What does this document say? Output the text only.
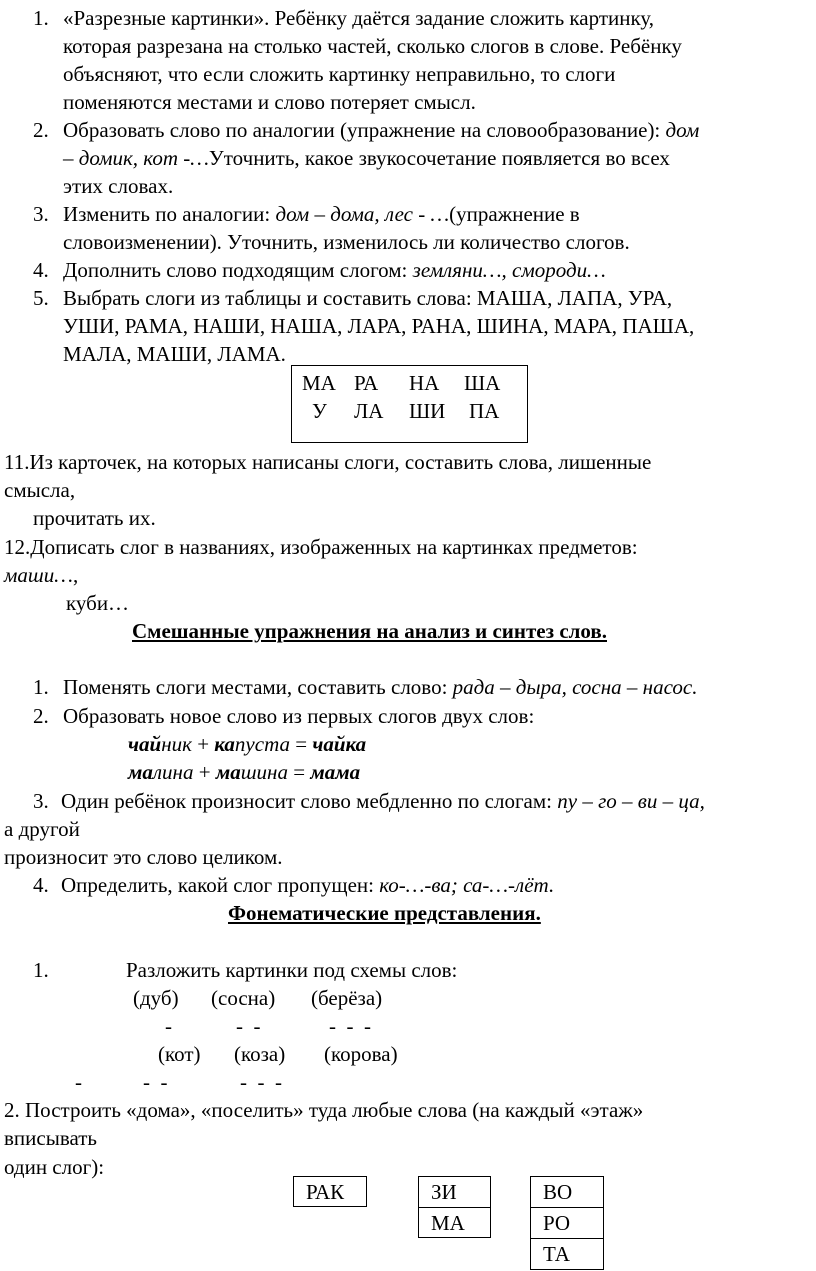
1. «Разрезные картинки». Ребёнку даётся задание сложить картинку,
которая разрезана на столько частей, сколько слогов в слове. Ребёнку
объясняют, что если сложить картинку неправильно, то слоги
поменяются местами и слово потеряет смысл.
2. Образовать слово по аналогии (упражнение на словообразование): дом
– домик, кот -…Уточнить, какое звукосочетание появляется во всех
этих словах.
3. Изменить по аналогии: дом – дома, лес - …(упражнение в
словоизменении). Уточнить, изменилось ли количество слогов.
4. Дополнить слово подходящим слогом: земляни…, смороди…
5. Выбрать слоги из таблицы и составить слова: МАША, ЛАПА, УРА,
УШИ, РАМА, НАШИ, НАША, ЛАРА, РАНА, ШИНА, МАРА, ПАША,
МАЛА, МАШИ, ЛАМА.
МА РА НА ША
У ЛА ШИ ПА
11.Из карточек, на которых написаны слоги, составить слова, лишенные
смысла,
прочитать их.
12.Дописать слог в названиях, изображенных на картинках предметов:
маши…,
куби…
Смешанные упражнения на анализ и синтез слов.
1. Поменять слоги местами, составить слово: рада – дыра, сосна – насос.
2. Образовать новое слово из первых слогов двух слов:
чайник + капуста = чайка
малина + машина = мама
3. Один ребёнок произносит слово мебдленно по слогам: пу – го – ви – ца,
а другой
произносит это слово целиком.
4. Определить, какой слог пропущен: ко-…-ва; са-…-лёт.
Фонематические представления.
1.	Разложить картинки под схемы слов:
(дуб) (сосна) (берёза)
-	-  -	-  -  -
(кот) (коза) (корова)
-	-  -	-  -  -
2. Построить «дома», «поселить» туда любые слова (на каждый «этаж»
вписывать
один слог):
РАК	ЗИ
МА
ВО
РО
ТА
